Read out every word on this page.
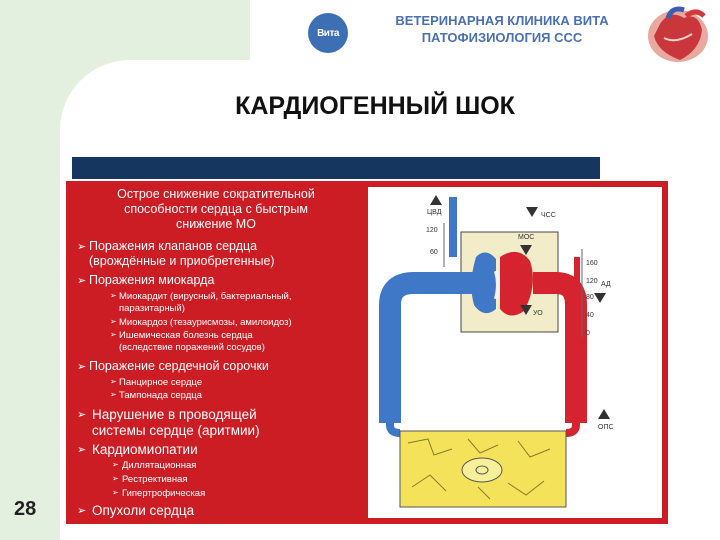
28
Вита
ВЕТЕРИНАРНАЯ КЛИНИКА ВИТА
ПАТОФИЗИОЛОГИЯ ССС
КАРДИОГЕННЫЙ ШОК
Острое снижение сократительной
способности сердца с быстрым
снижение МО
➢ Поражения клапанов сердца
(врождённые и приобретенные)
➢ Поражения миокарда
➢ Миокардит (вирусный, бактериальный,
паразитарный)
➢ Миокардоз (тезаурисмозы, амилоидоз)
➢ Ишемическая болезнь сердца
(вследствие поражений сосудов)
➢ Поражение сердечной сорочки
➢ Панцирное сердце
➢ Тампонада сердца
➢ Нарушение в проводящей
системы сердце (аритмии)
➢ Кардиомиопатии
➢ Диллятационная
➢ Рестрективная
➢ Гипертрофическая
➢ Опухоли сердца
120
60
160
120
80
40
0
ЦВД	ЧСС
МОС
УО
АД
ОПС
